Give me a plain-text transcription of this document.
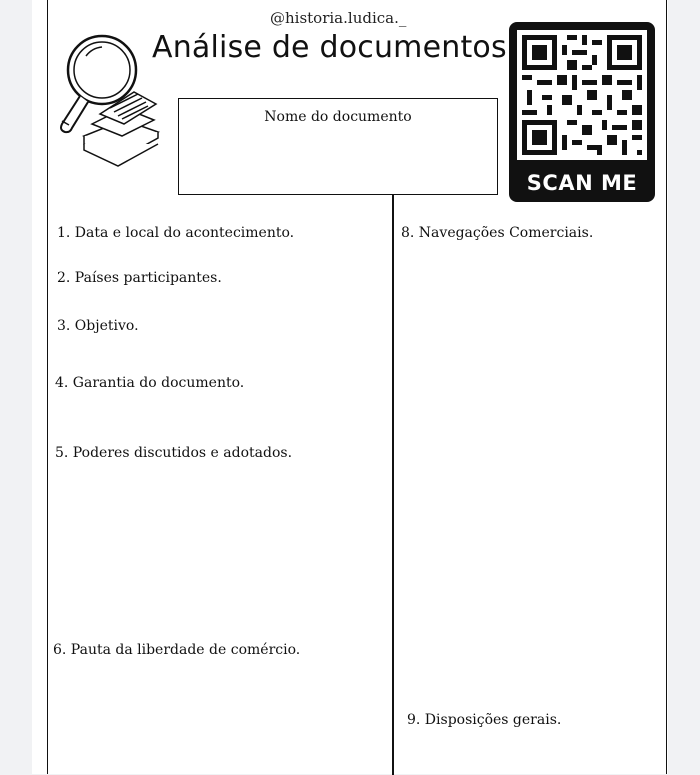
@historia.ludica._
Análise de documentos
Nome do documento
SCAN ME
1. Data e local do acontecimento.
2. Países participantes.
3. Objetivo.
4. Garantia do documento.
5. Poderes discutidos e adotados.
6. Pauta da liberdade de comércio.
8. Navegações Comerciais.
9. Disposições gerais.
